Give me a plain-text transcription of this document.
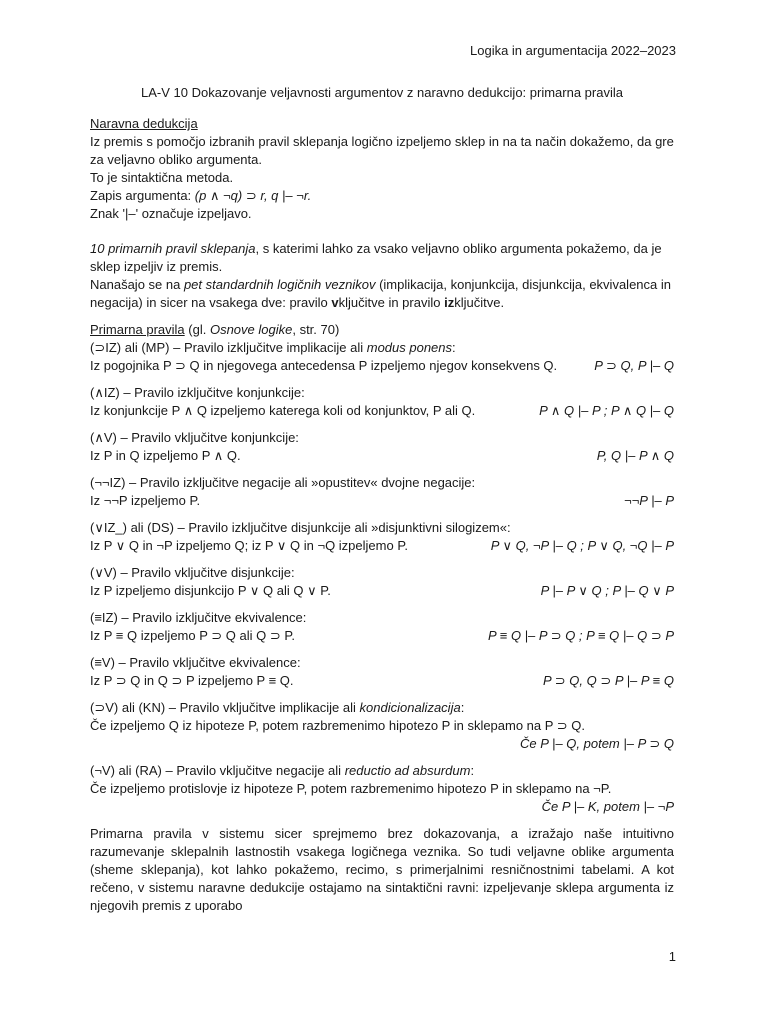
Logika in argumentacija 2022–2023

LA-V 10 Dokazovanje veljavnosti argumentov z naravno dedukcijo: primarna pravila

Naravna dedukcija

Iz premis s pomočjo izbranih pravil sklepanja logično izpeljemo sklep in na ta način dokažemo, da gre za veljavno obliko argumenta.

To je sintaktična metoda.

Zapis argumenta: (p ∧ ¬q) ⊃ r, q |– ¬r.

Znak '|–' označuje izpeljavo.

10 primarnih pravil sklepanja, s katerimi lahko za vsako veljavno obliko argumenta pokažemo, da je sklep izpeljiv iz premis.

Nanašajo se na pet standardnih logičnih veznikov (implikacija, konjunkcija, disjunkcija, ekvivalenca in negacija) in sicer na vsakega dve: pravilo vključitve in pravilo izključitve.

Primarna pravila (gl. Osnove logike, str. 70)

(⊃IZ) ali (MP) – Pravilo izključitve implikacije ali modus ponens:

Iz pogojnika P ⊃ Q in njegovega antecedensa P izpeljemo njegov konsekvens Q.	P ⊃ Q, P |– Q

(∧IZ) – Pravilo izključitve konjunkcije:

Iz konjunkcije P ∧ Q izpeljemo katerega koli od konjunktov, P ali Q.	P ∧ Q |– P ; P ∧ Q |– Q

(∧V) – Pravilo vključitve konjunkcije:

Iz P in Q izpeljemo P ∧ Q.	P, Q |– P ∧ Q

(¬¬IZ) – Pravilo izključitve negacije ali »opustitev« dvojne negacije:

Iz ¬¬P izpeljemo P.	¬¬P |– P

(∨IZ_) ali (DS) – Pravilo izključitve disjunkcije ali »disjunktivni silogizem«:

Iz P ∨ Q in ¬P izpeljemo Q; iz P ∨ Q in ¬Q izpeljemo P.	P ∨ Q, ¬P |– Q ; P ∨ Q, ¬Q |– P

(∨V) – Pravilo vključitve disjunkcije:

Iz P izpeljemo disjunkcijo P ∨ Q ali Q ∨ P.	P |– P ∨ Q ; P |– Q ∨ P

(≡IZ) – Pravilo izključitve ekvivalence:

Iz P ≡ Q izpeljemo P ⊃ Q ali Q ⊃ P.	P ≡ Q |– P ⊃ Q ; P ≡ Q |– Q ⊃ P

(≡V) – Pravilo vključitve ekvivalence:

Iz P ⊃ Q in Q ⊃ P izpeljemo P ≡ Q.	P ⊃ Q, Q ⊃ P |– P ≡ Q

(⊃V) ali (KN) – Pravilo vključitve implikacije ali kondicionalizacija:

Če izpeljemo Q iz hipoteze P, potem razbremenimo hipotezo P in sklepamo na P ⊃ Q.

Če P |– Q, potem |– P ⊃ Q

(¬V) ali (RA) – Pravilo vključitve negacije ali reductio ad absurdum:

Če izpeljemo protislovje iz hipoteze P, potem razbremenimo hipotezo P in sklepamo na ¬P.

Če P |– K, potem |– ¬P

Primarna pravila v sistemu sicer sprejmemo brez dokazovanja, a izražajo naše intuitivno razumevanje sklepalnih lastnostih vsakega logičnega veznika. So tudi veljavne oblike argumenta (sheme sklepanja), kot lahko pokažemo, recimo, s primerjalnimi resničnostnimi tabelami. A kot rečeno, v sistemu naravne dedukcije ostajamo na sintaktični ravni: izpeljevanje sklepa argumenta iz njegovih premis z uporabo

1
